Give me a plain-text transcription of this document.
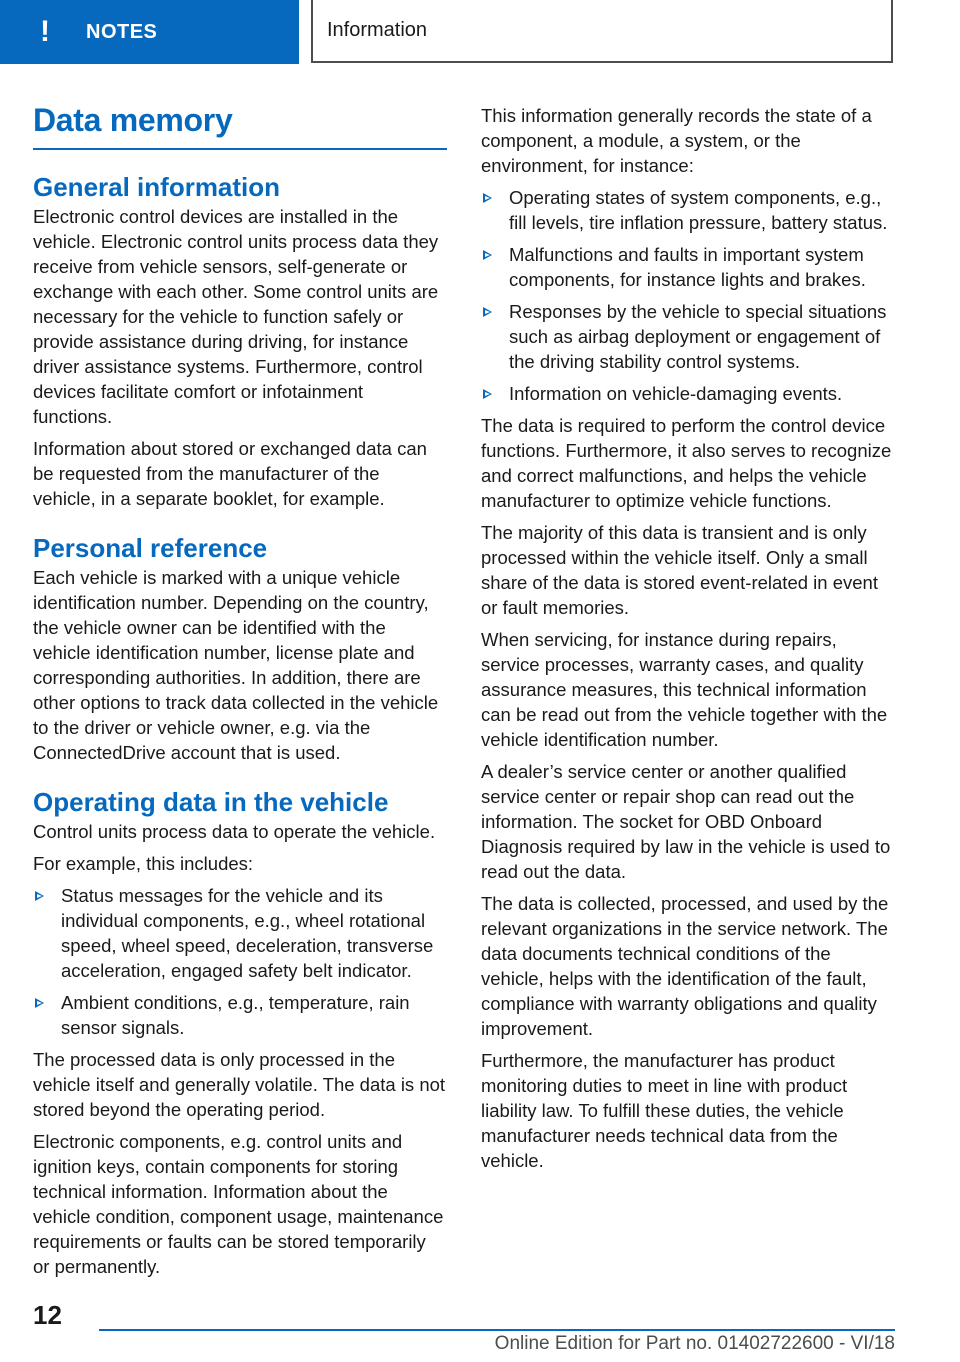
!	NOTES	Information
Data memory
General information

Electronic control devices are installed in the vehicle. Electronic control units process data they receive from vehicle sensors, self-generate or exchange with each other. Some control units are necessary for the vehicle to function safely or provide assistance during driving, for instance driver assistance systems. Furthermore, control devices facilitate comfort or infotainment functions.

Information about stored or exchanged data can be requested from the manufacturer of the vehicle, in a separate booklet, for example.

Personal reference

Each vehicle is marked with a unique vehicle identification number. Depending on the country, the vehicle owner can be identified with the vehicle identification number, license plate and corresponding authorities. In addition, there are other options to track data collected in the vehicle to the driver or vehicle owner, e.g. via the ConnectedDrive account that is used.

Operating data in the vehicle

Control units process data to operate the vehicle.

For example, this includes:

Status messages for the vehicle and its individual components, e.g., wheel rotational speed, wheel speed, deceleration, transverse acceleration, engaged safety belt indicator.
Ambient conditions, e.g., temperature, rain sensor signals.

The processed data is only processed in the vehicle itself and generally volatile. The data is not stored beyond the operating period.

Electronic components, e.g. control units and ignition keys, contain components for storing technical information. Information about the vehicle condition, component usage, maintenance requirements or faults can be stored temporarily or permanently.

This information generally records the state of a component, a module, a system, or the environment, for instance:

Operating states of system components, e.g., fill levels, tire inflation pressure, battery status.
Malfunctions and faults in important system components, for instance lights and brakes.
Responses by the vehicle to special situations such as airbag deployment or engagement of the driving stability control systems.
Information on vehicle-damaging events.

The data is required to perform the control device functions. Furthermore, it also serves to recognize and correct malfunctions, and helps the vehicle manufacturer to optimize vehicle functions.

The majority of this data is transient and is only processed within the vehicle itself. Only a small share of the data is stored event-related in event or fault memories.

When servicing, for instance during repairs, service processes, warranty cases, and quality assurance measures, this technical information can be read out from the vehicle together with the vehicle identification number.

A dealer’s service center or another qualified service center or repair shop can read out the information. The socket for OBD Onboard Diagnosis required by law in the vehicle is used to read out the data.

The data is collected, processed, and used by the relevant organizations in the service network. The data documents technical conditions of the vehicle, helps with the identification of the fault, compliance with warranty obligations and quality improvement.

Furthermore, the manufacturer has product monitoring duties to meet in line with product liability law. To fulfill these duties, the vehicle manufacturer needs technical data from the vehicle.

12
Online Edition for Part no. 01402722600 - VI/18
